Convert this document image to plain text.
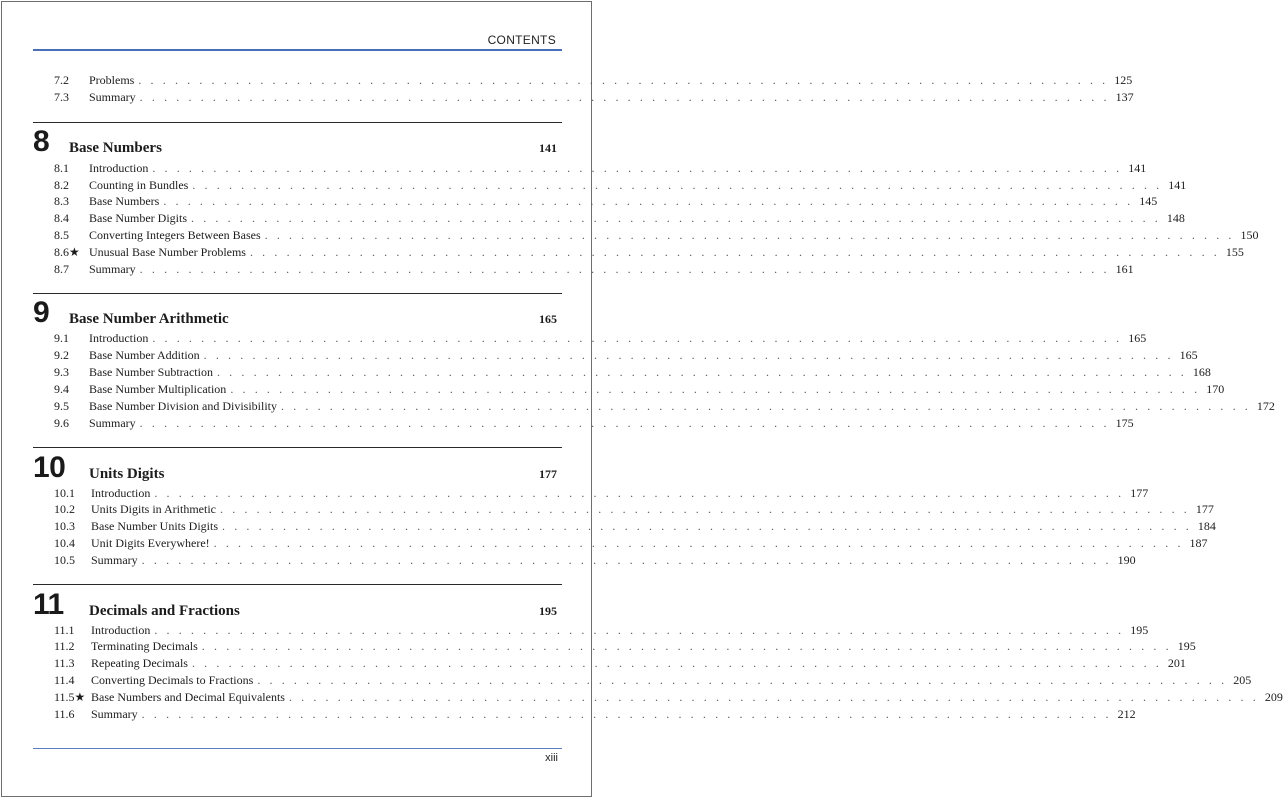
CONTENTS
7.2 Problems . . . . . . . . . . . . . . . . . . . . . . . . . . . . . . . . . . . . . . . . . . . . . . . . . . . . . . . . . . . . . . . . . . . . . . . . . . . . . . . . 125
7.3 Summary . . . . . . . . . . . . . . . . . . . . . . . . . . . . . . . . . . . . . . . . . . . . . . . . . . . . . . . . . . . . . . . . . . . . . . . . . . . . . . . . 137
8 Base Numbers	141
8.1 Introduction . . . . . . . . . . . . . . . . . . . . . . . . . . . . . . . . . . . . . . . . . . . . . . . . . . . . . . . . . . . . . . . . . . . . . . . . . . . . . . . . 141
8.2 Counting in Bundles . . . . . . . . . . . . . . . . . . . . . . . . . . . . . . . . . . . . . . . . . . . . . . . . . . . . . . . . . . . . . . . . . . . . . . . . . . . . . . . . 141
8.3 Base Numbers . . . . . . . . . . . . . . . . . . . . . . . . . . . . . . . . . . . . . . . . . . . . . . . . . . . . . . . . . . . . . . . . . . . . . . . . . . . . . . . . 145
8.4 Base Number Digits . . . . . . . . . . . . . . . . . . . . . . . . . . . . . . . . . . . . . . . . . . . . . . . . . . . . . . . . . . . . . . . . . . . . . . . . . . . . . . . . 148
8.5 Converting Integers Between Bases . . . . . . . . . . . . . . . . . . . . . . . . . . . . . . . . . . . . . . . . . . . . . . . . . . . . . . . . . . . . . . . . . . . . . . . . . . . . . . . . 150
8.6★ Unusual Base Number Problems . . . . . . . . . . . . . . . . . . . . . . . . . . . . . . . . . . . . . . . . . . . . . . . . . . . . . . . . . . . . . . . . . . . . . . . . . . . . . . . . 155
8.7 Summary . . . . . . . . . . . . . . . . . . . . . . . . . . . . . . . . . . . . . . . . . . . . . . . . . . . . . . . . . . . . . . . . . . . . . . . . . . . . . . . . 161
9 Base Number Arithmetic	165
9.1 Introduction . . . . . . . . . . . . . . . . . . . . . . . . . . . . . . . . . . . . . . . . . . . . . . . . . . . . . . . . . . . . . . . . . . . . . . . . . . . . . . . . 165
9.2 Base Number Addition . . . . . . . . . . . . . . . . . . . . . . . . . . . . . . . . . . . . . . . . . . . . . . . . . . . . . . . . . . . . . . . . . . . . . . . . . . . . . . . . 165
9.3 Base Number Subtraction . . . . . . . . . . . . . . . . . . . . . . . . . . . . . . . . . . . . . . . . . . . . . . . . . . . . . . . . . . . . . . . . . . . . . . . . . . . . . . . . 168
9.4 Base Number Multiplication . . . . . . . . . . . . . . . . . . . . . . . . . . . . . . . . . . . . . . . . . . . . . . . . . . . . . . . . . . . . . . . . . . . . . . . . . . . . . . . . 170
9.5 Base Number Division and Divisibility . . . . . . . . . . . . . . . . . . . . . . . . . . . . . . . . . . . . . . . . . . . . . . . . . . . . . . . . . . . . . . . . . . . . . . . . . . . . . . . . 172
9.6 Summary . . . . . . . . . . . . . . . . . . . . . . . . . . . . . . . . . . . . . . . . . . . . . . . . . . . . . . . . . . . . . . . . . . . . . . . . . . . . . . . . 175
10 Units Digits	177
10.1 Introduction . . . . . . . . . . . . . . . . . . . . . . . . . . . . . . . . . . . . . . . . . . . . . . . . . . . . . . . . . . . . . . . . . . . . . . . . . . . . . . . . 177
10.2 Units Digits in Arithmetic . . . . . . . . . . . . . . . . . . . . . . . . . . . . . . . . . . . . . . . . . . . . . . . . . . . . . . . . . . . . . . . . . . . . . . . . . . . . . . . . 177
10.3 Base Number Units Digits . . . . . . . . . . . . . . . . . . . . . . . . . . . . . . . . . . . . . . . . . . . . . . . . . . . . . . . . . . . . . . . . . . . . . . . . . . . . . . . . 184
10.4 Unit Digits Everywhere! . . . . . . . . . . . . . . . . . . . . . . . . . . . . . . . . . . . . . . . . . . . . . . . . . . . . . . . . . . . . . . . . . . . . . . . . . . . . . . . . 187
10.5 Summary . . . . . . . . . . . . . . . . . . . . . . . . . . . . . . . . . . . . . . . . . . . . . . . . . . . . . . . . . . . . . . . . . . . . . . . . . . . . . . . . 190
11 Decimals and Fractions	195
11.1 Introduction . . . . . . . . . . . . . . . . . . . . . . . . . . . . . . . . . . . . . . . . . . . . . . . . . . . . . . . . . . . . . . . . . . . . . . . . . . . . . . . . 195
11.2 Terminating Decimals . . . . . . . . . . . . . . . . . . . . . . . . . . . . . . . . . . . . . . . . . . . . . . . . . . . . . . . . . . . . . . . . . . . . . . . . . . . . . . . . 195
11.3 Repeating Decimals . . . . . . . . . . . . . . . . . . . . . . . . . . . . . . . . . . . . . . . . . . . . . . . . . . . . . . . . . . . . . . . . . . . . . . . . . . . . . . . . 201
11.4 Converting Decimals to Fractions . . . . . . . . . . . . . . . . . . . . . . . . . . . . . . . . . . . . . . . . . . . . . . . . . . . . . . . . . . . . . . . . . . . . . . . . . . . . . . . . 205
11.5★ Base Numbers and Decimal Equivalents . . . . . . . . . . . . . . . . . . . . . . . . . . . . . . . . . . . . . . . . . . . . . . . . . . . . . . . . . . . . . . . . . . . . . . . . . . . . . . . . 209
11.6 Summary . . . . . . . . . . . . . . . . . . . . . . . . . . . . . . . . . . . . . . . . . . . . . . . . . . . . . . . . . . . . . . . . . . . . . . . . . . . . . . . . 212
xiii
